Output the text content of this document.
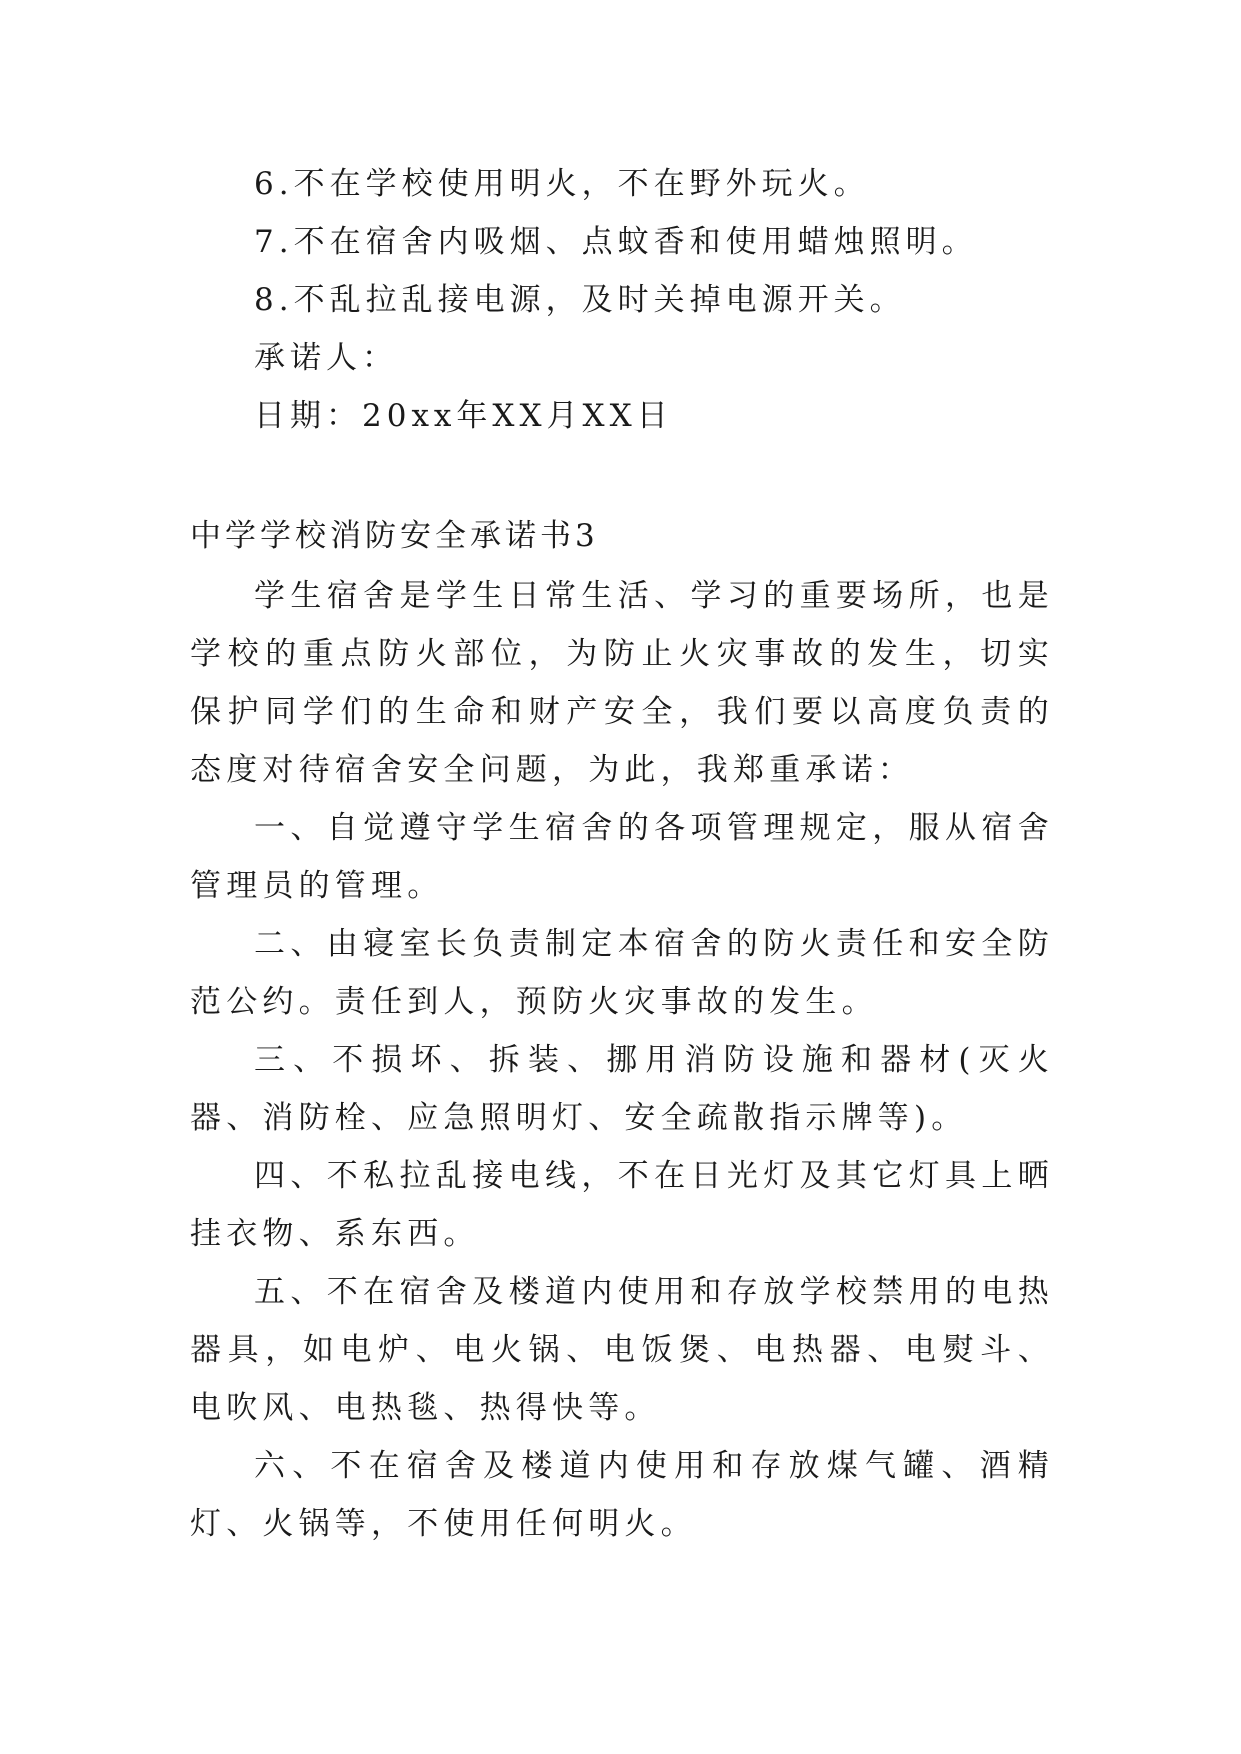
6.不在学校使用明火，不在野外玩火。
7.不在宿舍内吸烟、点蚊香和使用蜡烛照明。
8.不乱拉乱接电源，及时关掉电源开关。
承诺人：
日期：20xx年XX月XX日
中学学校消防安全承诺书3

学生宿舍是学生日常生活、学习的重要场所，也是学校的重点防火部位，为防止火灾事故的发生，切实保护同学们的生命和财产安全，我们要以高度负责的态度对待宿舍安全问题，为此，我郑重承诺：

一、自觉遵守学生宿舍的各项管理规定，服从宿舍管理员的管理。

二、由寝室长负责制定本宿舍的防火责任和安全防范公约。责任到人，预防火灾事故的发生。

三、不损坏、拆装、挪用消防设施和器材(灭火器、消防栓、应急照明灯、安全疏散指示牌等)。

四、不私拉乱接电线，不在日光灯及其它灯具上晒挂衣物、系东西。

五、不在宿舍及楼道内使用和存放学校禁用的电热器具，如电炉、电火锅、电饭煲、电热器、电熨斗、电吹风、电热毯、热得快等。

六、不在宿舍及楼道内使用和存放煤气罐、酒精灯、火锅等，不使用任何明火。
